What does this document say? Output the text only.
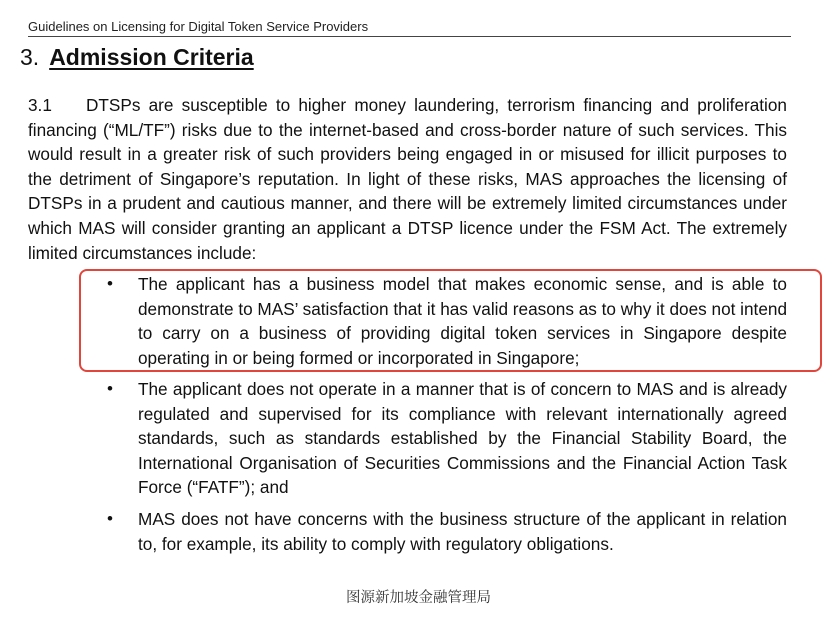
Guidelines on Licensing for Digital Token Service Providers
3. Admission Criteria
3.1 DTSPs are susceptible to higher money laundering, terrorism financing and proliferation financing (“ML/TF”) risks due to the internet-based and cross-border nature of such services. This would result in a greater risk of such providers being engaged in or misused for illicit purposes to the detriment of Singapore’s reputation. In light of these risks, MAS approaches the licensing of DTSPs in a prudent and cautious manner, and there will be extremely limited circumstances under which MAS will consider granting an applicant a DTSP licence under the FSM Act. The extremely limited circumstances include:
• The applicant has a business model that makes economic sense, and is able to demonstrate to MAS’ satisfaction that it has valid reasons as to why it does not intend to carry on a business of providing digital token services in Singapore despite operating in or being formed or incorporated in Singapore;
• The applicant does not operate in a manner that is of concern to MAS and is already regulated and supervised for its compliance with relevant internationally agreed standards, such as standards established by the Financial Stability Board, the International Organisation of Securities Commissions and the Financial Action Task Force (“FATF”); and
• MAS does not have concerns with the business structure of the applicant in relation to, for example, its ability to comply with regulatory obligations.
图源新加坡金融管理局
